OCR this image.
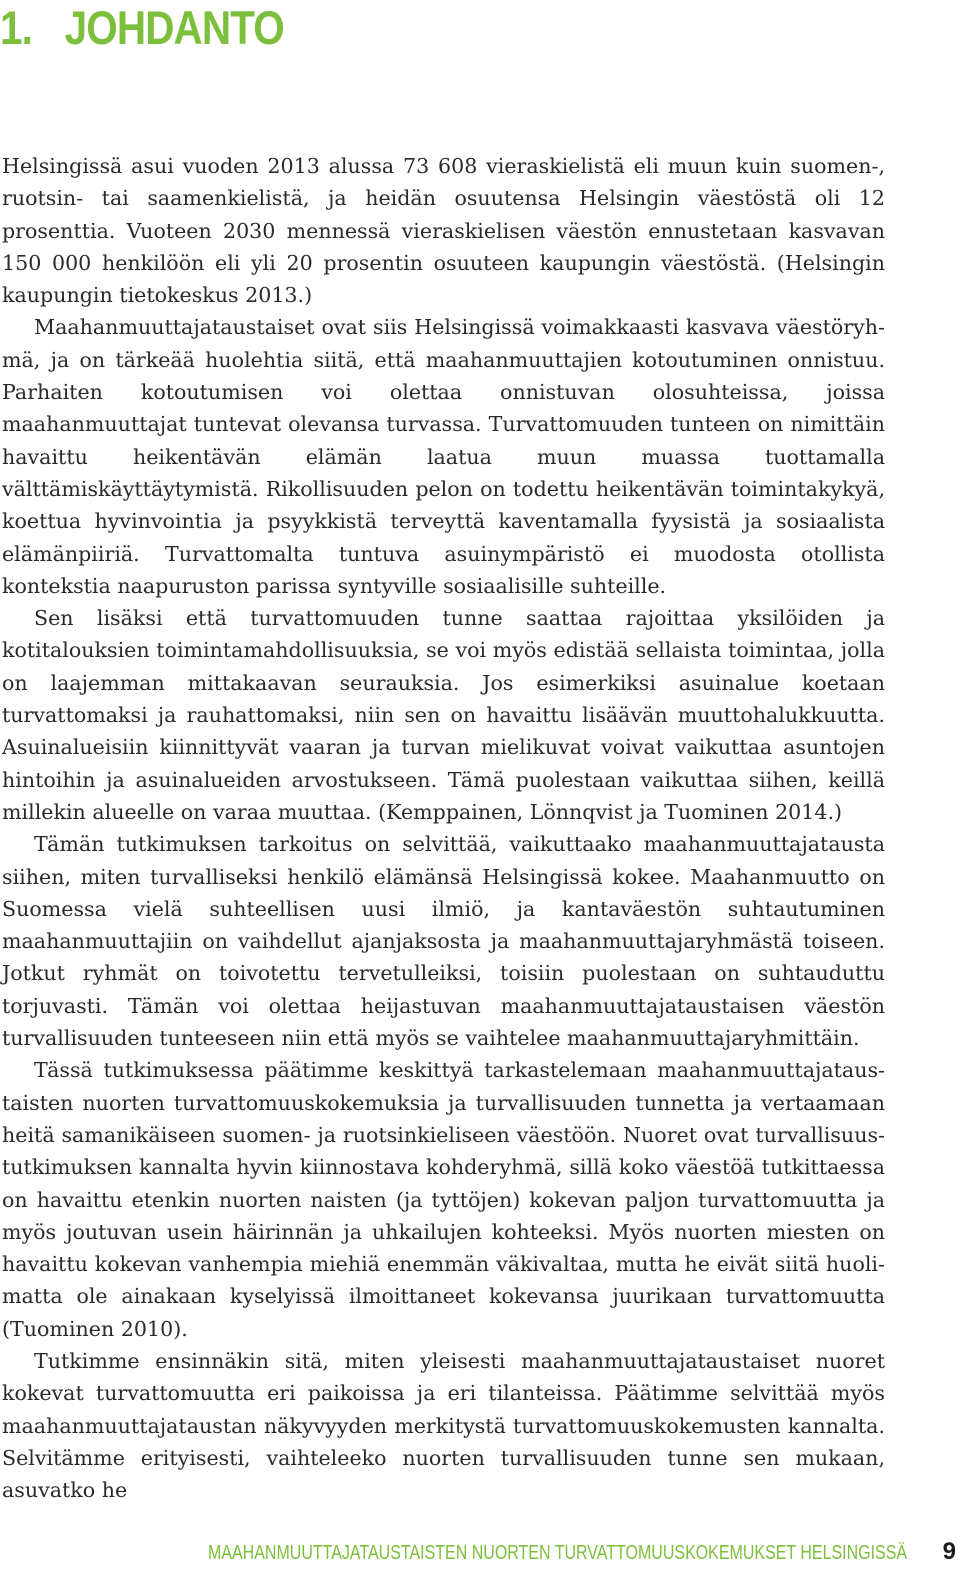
1. JOHDANTO

Helsingissä asui vuoden 2013 alussa 73 608 vieraskielistä eli muun kuin suomen-, ruotsin- tai saamenkielistä, ja heidän osuutensa Helsingin väestöstä oli 12 prosenttia. Vuoteen 2030 mennessä vieraskielisen väestön ennustetaan kasvavan 150 000 henkilöön eli yli 20 prosentin osuuteen kaupungin väestöstä. (Helsingin kaupungin tietokeskus 2013.)

Maahanmuuttajataustaiset ovat siis Helsingissä voimakkaasti kasvava väestöryhmä, ja on tärkeää huolehtia siitä, että maahanmuuttajien kotoutuminen onnistuu. Parhaiten kotoutumisen voi olettaa onnistuvan olosuhteissa, joissa maahanmuuttajat tuntevat olevansa turvassa. Turvattomuuden tunteen on nimittäin havaittu heikentävän elämän laatua muun muassa tuottamalla välttämiskäyttäytymistä. Rikollisuuden pelon on todettu heikentävän toimintakykyä, koettua hyvinvointia ja psyykkistä terveyttä kaventamalla fyysistä ja sosiaalista elämänpiiriä. Turvattomalta tuntuva asuinympäristö ei muodosta otollista kontekstia naapuruston parissa syntyville sosiaalisille suhteille.

Sen lisäksi että turvattomuuden tunne saattaa rajoittaa yksilöiden ja kotitalouksien toimintamahdollisuuksia, se voi myös edistää sellaista toimintaa, jolla on laajemman mittakaavan seurauksia. Jos esimerkiksi asuinalue koetaan turvattomaksi ja rauhattomaksi, niin sen on havaittu lisäävän muuttohalukkuutta. Asuinalueisiin kiinnittyvät vaaran ja turvan mielikuvat voivat vaikuttaa asuntojen hintoihin ja asuinalueiden arvostukseen. Tämä puolestaan vaikuttaa siihen, keillä millekin alueelle on varaa muuttaa. (Kemppainen, Lönnqvist ja Tuominen 2014.)

Tämän tutkimuksen tarkoitus on selvittää, vaikuttaako maahanmuuttajatausta siihen, miten turvalliseksi henkilö elämänsä Helsingissä kokee. Maahanmuutto on Suomessa vielä suhteellisen uusi ilmiö, ja kantaväestön suhtautuminen maahanmuuttajiin on vaihdellut ajanjaksosta ja maahanmuuttajaryhmästä toiseen. Jotkut ryhmät on toivotettu tervetulleiksi, toisiin puolestaan on suhtauduttu torjuvasti. Tämän voi olettaa heijastuvan maahanmuuttajataustaisen väestön turvallisuuden tunteeseen niin että myös se vaihtelee maahanmuuttajaryhmittäin.

Tässä tutkimuksessa päätimme keskittyä tarkastelemaan maahanmuuttajataustaisten nuorten turvattomuuskokemuksia ja turvallisuuden tunnetta ja vertaamaan heitä samanikäiseen suomen- ja ruotsinkieliseen väestöön. Nuoret ovat turvallisuustutkimuksen kannalta hyvin kiinnostava kohderyhmä, sillä koko väestöä tutkittaessa on havaittu etenkin nuorten naisten (ja tyttöjen) kokevan paljon turvattomuutta ja myös joutuvan usein häirinnän ja uhkailujen kohteeksi. Myös nuorten miesten on havaittu kokevan vanhempia miehiä enemmän väkivaltaa, mutta he eivät siitä huolimatta ole ainakaan kyselyissä ilmoittaneet kokevansa juurikaan turvattomuutta (Tuominen 2010).

Tutkimme ensinnäkin sitä, miten yleisesti maahanmuuttajataustaiset nuoret kokevat turvattomuutta eri paikoissa ja eri tilanteissa. Päätimme selvittää myös maahanmuuttajataustan näkyvyyden merkitystä turvattomuuskokemusten kannalta. Selvitämme erityisesti, vaihteleeko nuorten turvallisuuden tunne sen mukaan, asuvatko he

MAAHANMUUTTAJATAUSTAISTEN NUORTEN TURVATTOMUUSKOKEMUKSET HELSINGISSÄ 9
